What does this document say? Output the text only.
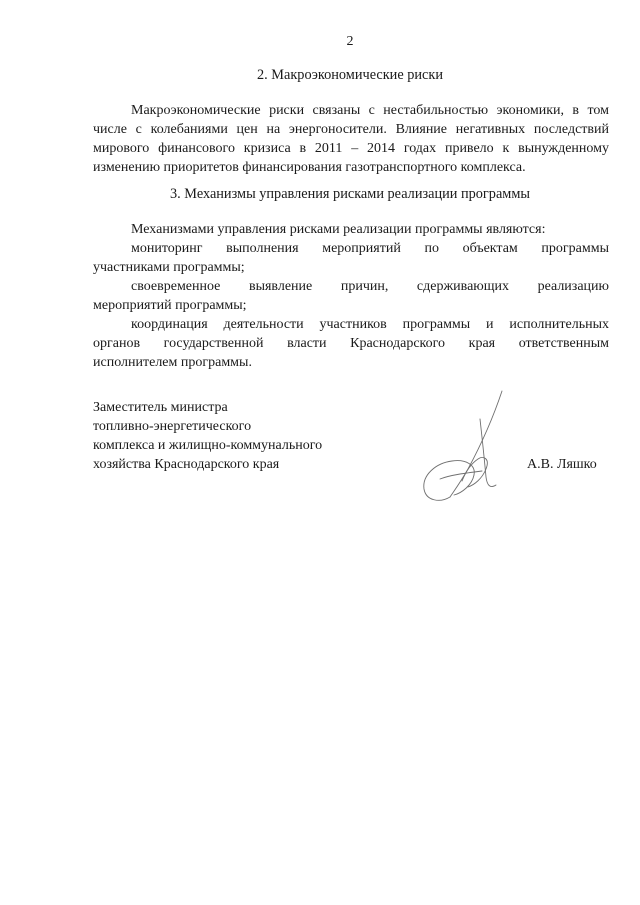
2
2. Макроэкономические риски
Макроэкономические риски связаны с нестабильностью экономики, в том
числе с колебаниями цен на энергоносители. Влияние негативных последствий
мирового финансового кризиса в 2011 – 2014 годах привело к вынужденному
изменению приоритетов финансирования газотранспортного комплекса.
3. Механизмы управления рисками реализации программы
Механизмами управления рисками реализации программы являются:
мониторинг выполнения мероприятий по объектам программы
участниками программы;
своевременное выявление причин, сдерживающих реализацию
мероприятий программы;
координация деятельности участников программы и исполнительных
органов государственной власти Краснодарского края ответственным
исполнителем программы.
Заместитель министра
топливно-энергетического
комплекса и жилищно-коммунального
хозяйства Краснодарского края	А.В. Ляшко
